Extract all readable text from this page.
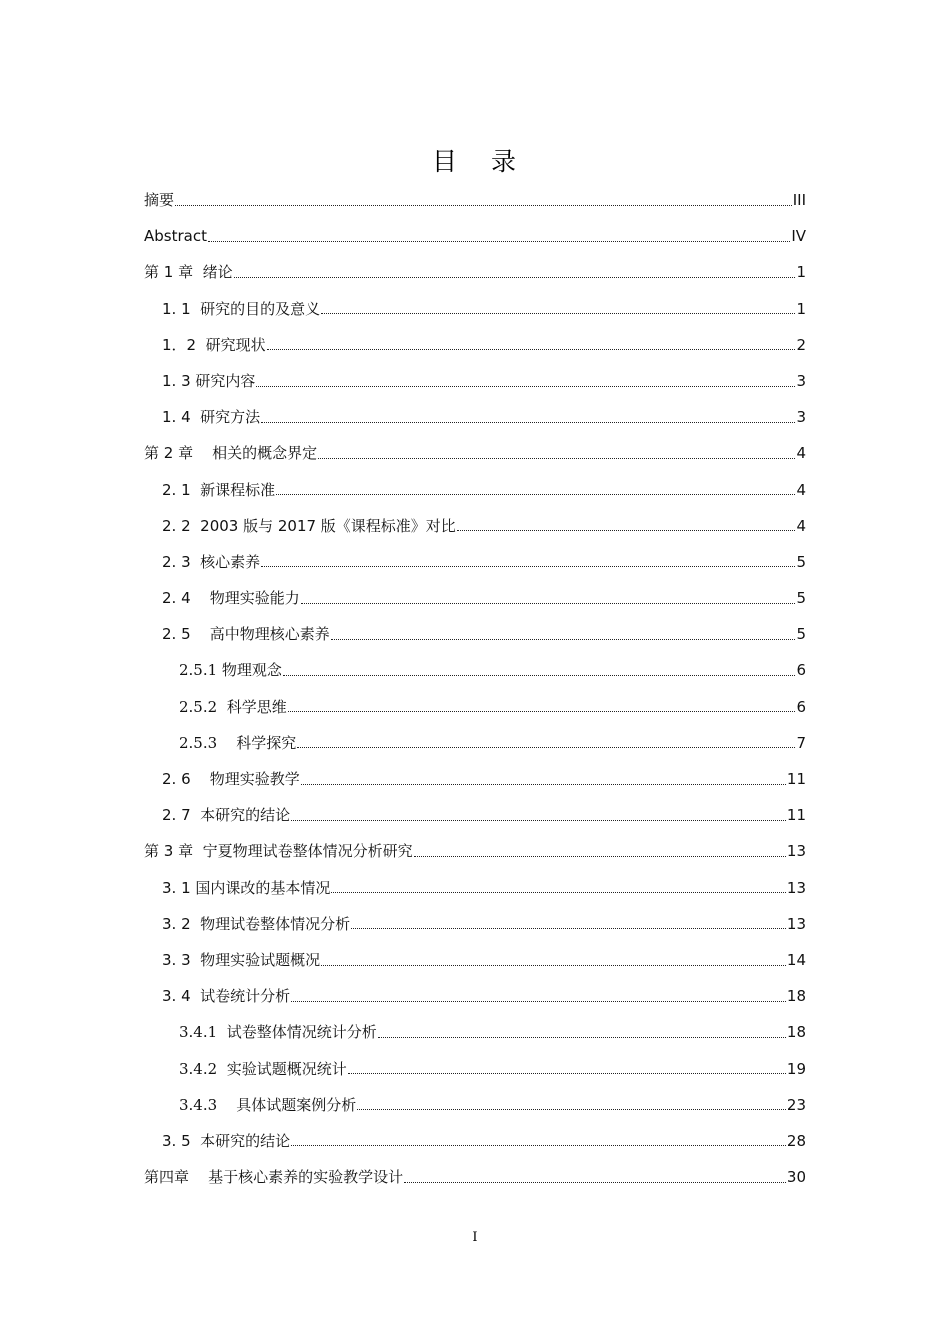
目 录
摘要	III
Abstract	IV
第 1 章  绪论	1
1. 1  研究的目的及意义	1
1．2  研究现状	2
1. 3 研究内容	3
1. 4  研究方法	3
第 2 章    相关的概念界定	4
2. 1  新课程标准	4
2. 2  2003 版与 2017 版《课程标准》对比	4
2. 3  核心素养	5
2. 4    物理实验能力	5
2. 5    高中物理核心素养	5
2.5.1 物理观念	6
2.5.2  科学思维	6
2.5.3    科学探究	7
2. 6    物理实验教学	11
2. 7  本研究的结论	11
第 3 章  宁夏物理试卷整体情况分析研究	13
3. 1 国内课改的基本情况	13
3. 2  物理试卷整体情况分析	13
3. 3  物理实验试题概况	14
3. 4  试卷统计分析	18
3.4.1  试卷整体情况统计分析	18
3.4.2  实验试题概况统计	19
3.4.3    具体试题案例分析	23
3. 5  本研究的结论	28
第四章    基于核心素养的实验教学设计	30
I
